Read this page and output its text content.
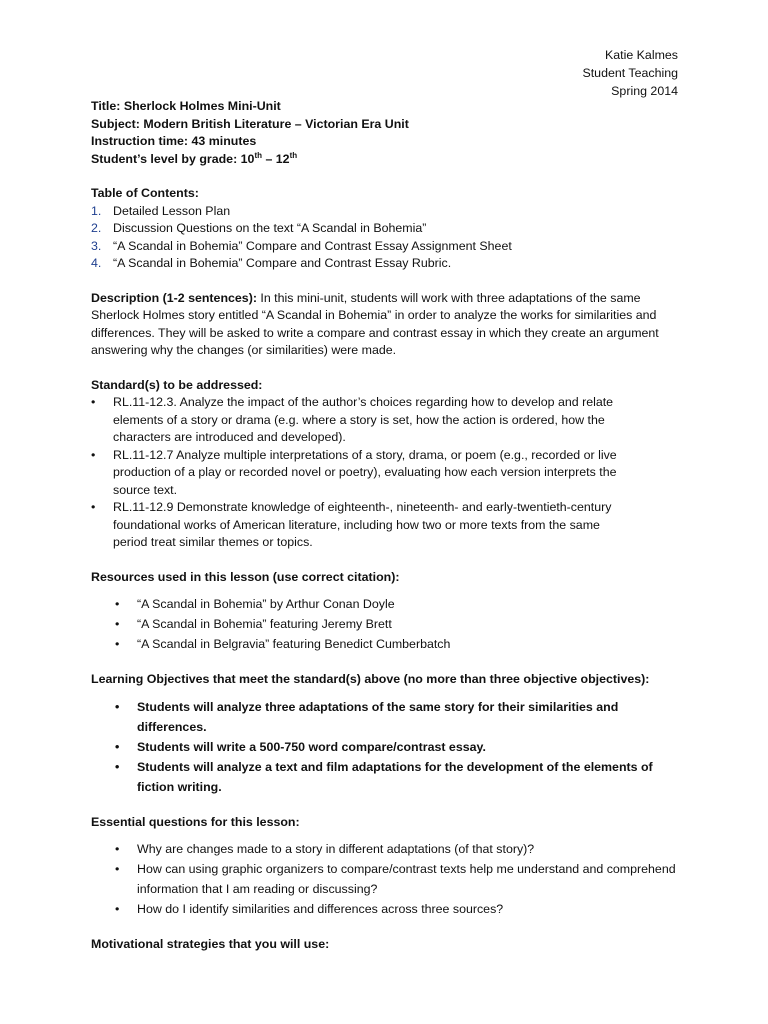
Katie Kalmes
Student Teaching
Spring 2014
Title: Sherlock Holmes Mini-Unit
Subject: Modern British Literature – Victorian Era Unit
Instruction time: 43 minutes
Student’s level by grade: 10th – 12th
Table of Contents:
1. Detailed Lesson Plan
2. Discussion Questions on the text “A Scandal in Bohemia”
3. “A Scandal in Bohemia” Compare and Contrast Essay Assignment Sheet
4. “A Scandal in Bohemia” Compare and Contrast Essay Rubric.
Description (1-2 sentences): In this mini-unit, students will work with three adaptations of the same Sherlock Holmes story entitled “A Scandal in Bohemia” in order to analyze the works for similarities and differences. They will be asked to write a compare and contrast essay in which they create an argument answering why the changes (or similarities) were made.
Standard(s) to be addressed:
•	RL.11-12.3. Analyze the impact of the author’s choices regarding how to develop and relate elements of a story or drama (e.g. where a story is set, how the action is ordered, how the characters are introduced and developed).
•	RL.11-12.7 Analyze multiple interpretations of a story, drama, or poem (e.g., recorded or live production of a play or recorded novel or poetry), evaluating how each version interprets the source text.
•	RL.11-12.9 Demonstrate knowledge of eighteenth-, nineteenth- and early-twentieth-century foundational works of American literature, including how two or more texts from the same period treat similar themes or topics.
Resources used in this lesson (use correct citation):
•	“A Scandal in Bohemia” by Arthur Conan Doyle
•	“A Scandal in Bohemia” featuring Jeremy Brett
•	“A Scandal in Belgravia” featuring Benedict Cumberbatch
Learning Objectives that meet the standard(s) above (no more than three objective objectives):
•	Students will analyze three adaptations of the same story for their similarities and differences.
•	Students will write a 500-750 word compare/contrast essay.
•	Students will analyze a text and film adaptations for the development of the elements of fiction writing.
Essential questions for this lesson:
•	Why are changes made to a story in different adaptations (of that story)?
•	How can using graphic organizers to compare/contrast texts help me understand and comprehend information that I am reading or discussing?
•	How do I identify similarities and differences across three sources?
Motivational strategies that you will use:
